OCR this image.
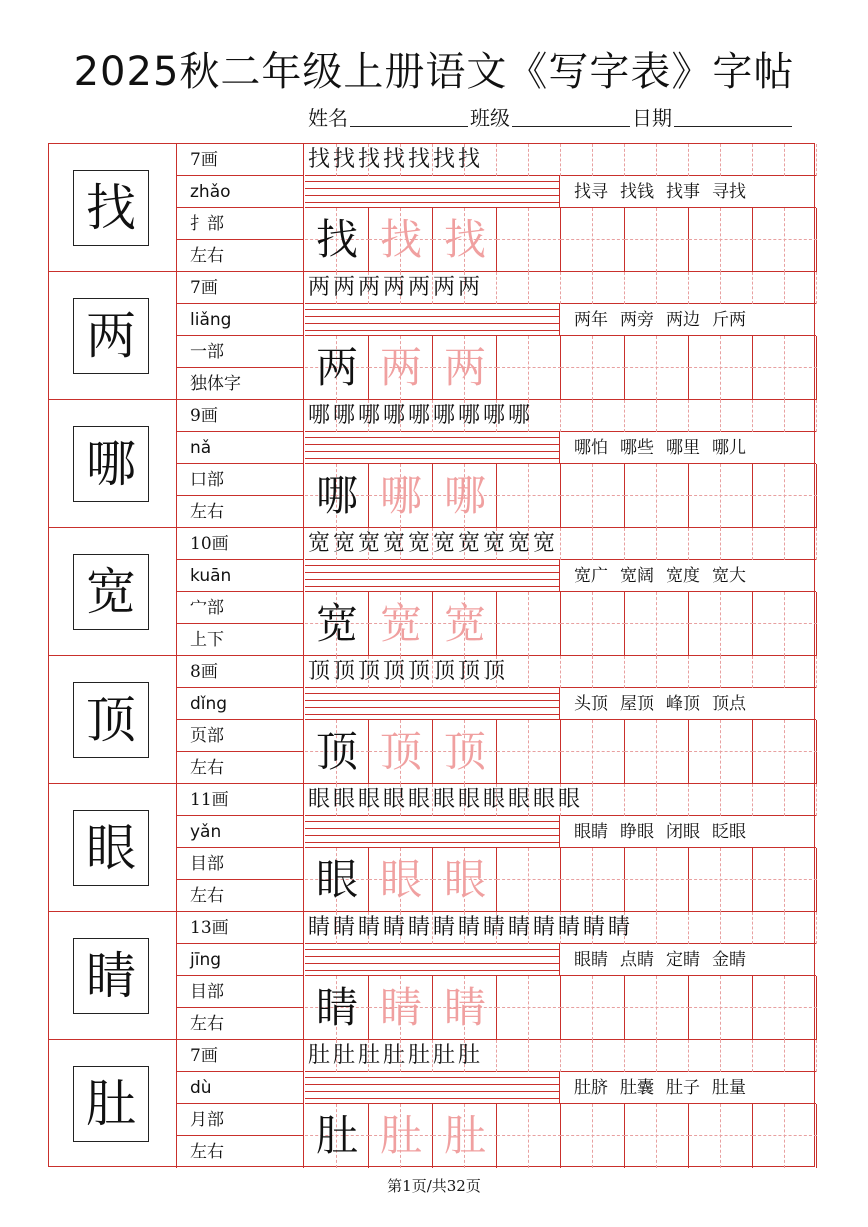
2025秋二年级上册语文《写字表》字帖
姓名	班级	日期
找
7画
zhǎo
扌部
左右
找找找找找找找
找寻 找钱 找事 寻找
找 找 找
两
7画
liǎng
一部
独体字
两两两两两两两
两年 两旁 两边 斤两
两 两 两
哪
9画
nǎ
口部
左右
哪哪哪哪哪哪哪哪哪
哪怕 哪些 哪里 哪儿
哪 哪 哪
宽
10画
kuān
宀部
上下
宽宽宽宽宽宽宽宽宽宽
宽广 宽阔 宽度 宽大
宽 宽 宽
顶
8画
dǐng
页部
左右
顶顶顶顶顶顶顶顶
头顶 屋顶 峰顶 顶点
顶 顶 顶
眼
11画
yǎn
目部
左右
眼眼眼眼眼眼眼眼眼眼眼
眼睛 睁眼 闭眼 眨眼
眼 眼 眼
睛
13画
jīng
目部
左右
睛睛睛睛睛睛睛睛睛睛睛睛睛
眼睛 点睛 定睛 金睛
睛 睛 睛
肚
7画
dù
月部
左右
肚肚肚肚肚肚肚
肚脐 肚囊 肚子 肚量
肚 肚 肚
第1页/共32页
